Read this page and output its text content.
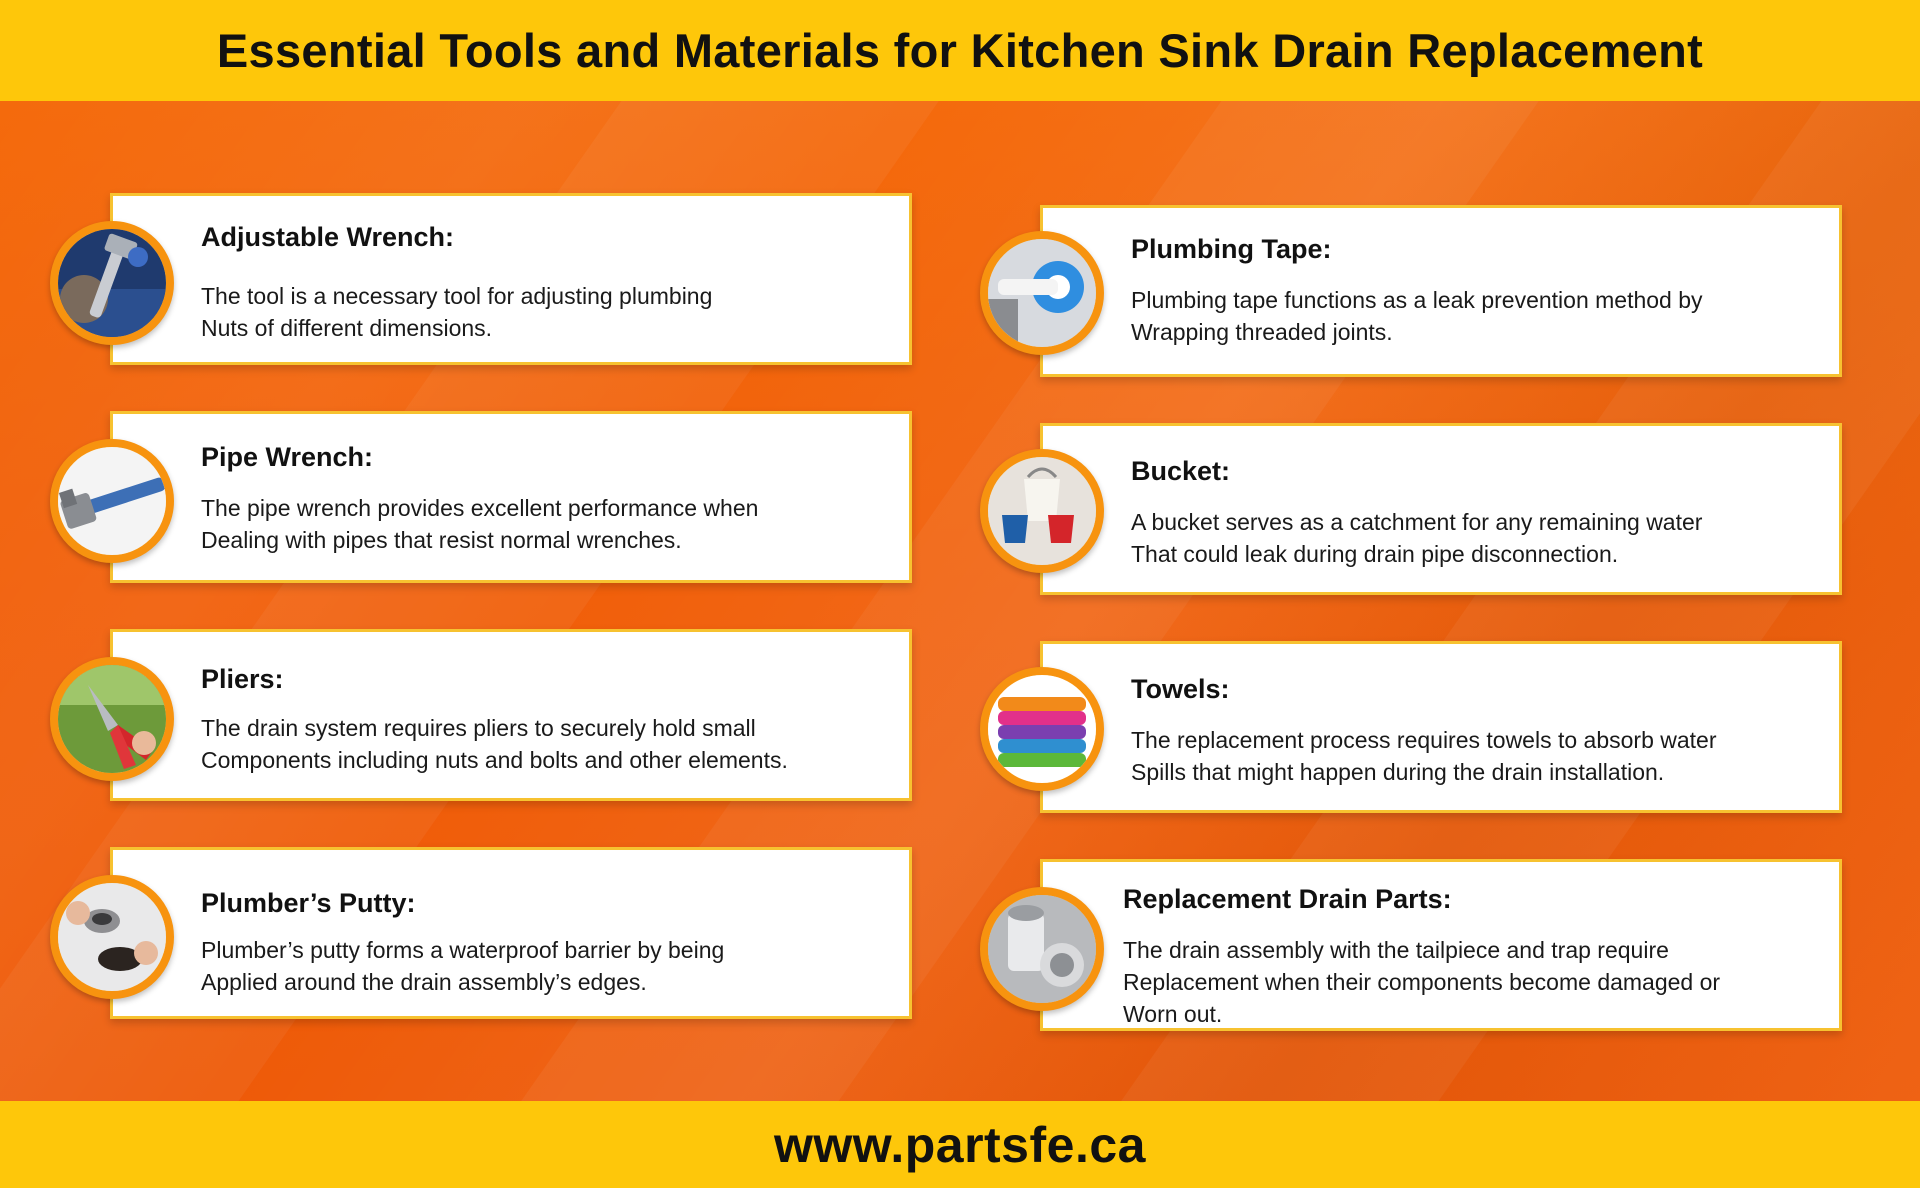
Essential Tools and Materials for Kitchen Sink Drain Replacement
Adjustable Wrench:
The tool is a necessary tool for adjusting plumbing
Nuts of different dimensions.
Pipe Wrench:
The pipe wrench provides excellent performance when
Dealing with pipes that resist normal wrenches.
Pliers:
The drain system requires pliers to securely hold small
Components including nuts and bolts and other elements.
Plumber’s Putty:
Plumber’s putty forms a waterproof barrier by being
Applied around the drain assembly’s edges.
Plumbing Tape:
Plumbing tape functions as a leak prevention method by
Wrapping threaded joints.
Bucket:
A bucket serves as a catchment for any remaining water
That could leak during drain pipe disconnection.
Towels:
The replacement process requires towels to absorb water
Spills that might happen during the drain installation.
Replacement Drain Parts:
The drain assembly with the tailpiece and trap require
Replacement when their components become damaged or
Worn out.
www.partsfe.ca
